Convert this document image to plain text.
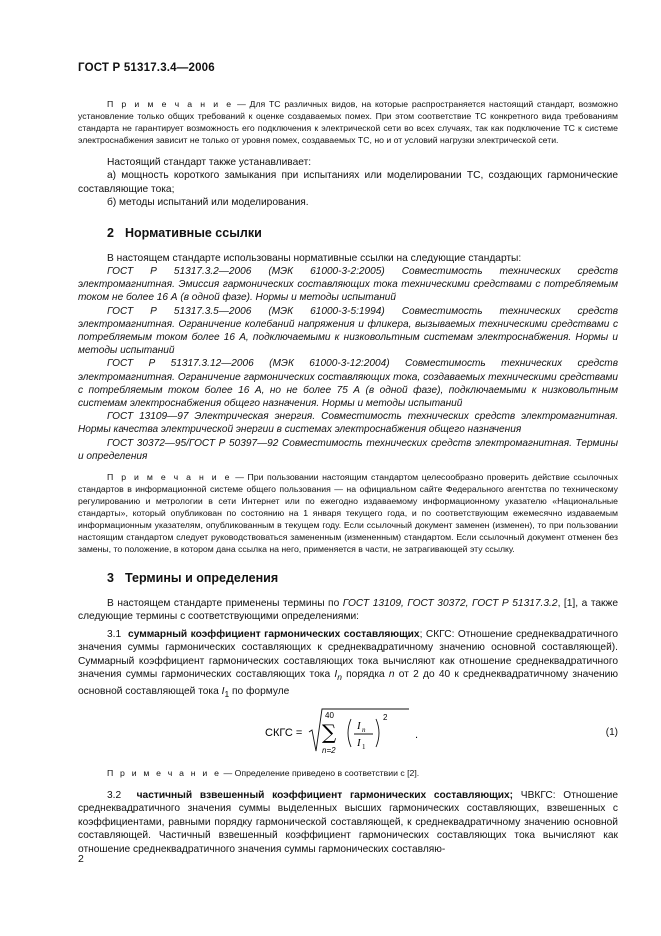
ГОСТ Р 51317.3.4—2006

П р и м е ч а н и е — Для ТС различных видов, на которые распространяется настоящий стандарт, возможно установление только общих требований к оценке создаваемых помех. При этом соответствие ТС конкретного вида требованиям стандарта не гарантирует возможность его подключения к электрической сети во всех случаях, так как подключение ТС к системе электроснабжения зависит не только от уровня помех, создаваемых ТС, но и от условий нагрузки электрической сети.

Настоящий стандарт также устанавливает:

а) мощность короткого замыкания при испытаниях или моделировании ТС, создающих гармонические составляющие тока;

б) методы испытаний или моделирования.

2 Нормативные ссылки

В настоящем стандарте использованы нормативные ссылки на следующие стандарты:

ГОСТ Р 51317.3.2—2006 (МЭК 61000-3-2:2005) Совместимость технических средств электромагнитная. Эмиссия гармонических составляющих тока техническими средствами с потребляемым током не более 16 А (в одной фазе). Нормы и методы испытаний

ГОСТ Р 51317.3.5—2006 (МЭК 61000-3-5:1994) Совместимость технических средств электромагнитная. Ограничение колебаний напряжения и фликера, вызываемых техническими средствами с потребляемым током более 16 А, подключаемыми к низковольтным системам электроснабжения. Нормы и методы испытаний

ГОСТ Р 51317.3.12—2006 (МЭК 61000-3-12:2004) Совместимость технических средств электромагнитная. Ограничение гармонических составляющих тока, создаваемых техническими средствами с потребляемым током более 16 А, но не более 75 А (в одной фазе), подключаемыми к низковольтным системам электроснабжения общего назначения. Нормы и методы испытаний

ГОСТ 13109—97 Электрическая энергия. Совместимость технических средств электромагнитная. Нормы качества электрической энергии в системах электроснабжения общего назначения

ГОСТ 30372—95/ГОСТ Р 50397—92 Совместимость технических средств электромагнитная. Термины и определения

П р и м е ч а н и е — При пользовании настоящим стандартом целесообразно проверить действие ссылочных стандартов в информационной системе общего пользования — на официальном сайте Федерального агентства по техническому регулированию и метрологии в сети Интернет или по ежегодно издаваемому информационному указателю «Национальные стандарты», который опубликован по состоянию на 1 января текущего года, и по соответствующим ежемесячно издаваемым информационным указателям, опубликованным в текущем году. Если ссылочный документ заменен (изменен), то при пользовании настоящим стандартом следует руководствоваться замененным (измененным) стандартом. Если ссылочный документ отменен без замены, то положение, в котором дана ссылка на него, применяется в части, не затрагивающей эту ссылку.

3 Термины и определения

В настоящем стандарте применены термины по ГОСТ 13109, ГОСТ 30372, ГОСТ Р 51317.3.2, [1], а также следующие термины с соответствующими определениями:

3.1 суммарный коэффициент гармонических составляющих; СКГС: Отношение среднеквадратичного значения суммы гармонических составляющих к среднеквадратичному значению основной составляющей). Суммарный коэффициент гармонических составляющих тока вычисляют как отношение среднеквадратичного значения суммы гармонических составляющих тока $I_n$ порядка n от 2 до 40 к среднеквадратичному значению основной составляющей тока $I_1$ по формуле

СКГС =
40
∑
n=2
I n
I 1
2
.	(1)

П р и м е ч а н и е — Определение приведено в соответствии с [2].

3.2 частичный взвешенный коэффициент гармонических составляющих; ЧВКГС: Отношение среднеквадратичного значения суммы выделенных высших гармонических составляющих, взвешенных с коэффициентами, равными порядку гармонической составляющей, к среднеквадратичному значению основной составляющей. Частичный взвешенный коэффициент гармонических составляющих тока вычисляют как отношение среднеквадратичного значения суммы гармонических составляю-

2
